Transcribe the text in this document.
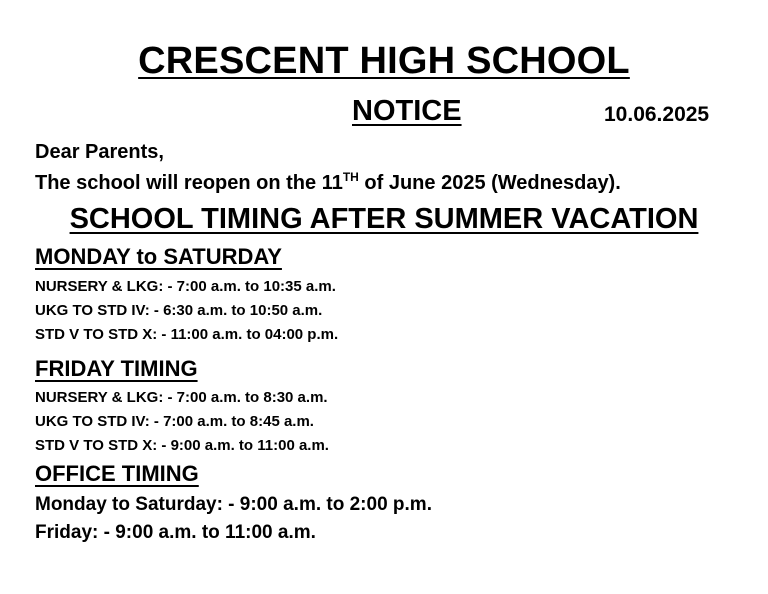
CRESCENT HIGH SCHOOL
NOTICE	10.06.2025
Dear Parents,
The school will reopen on the 11TH of June 2025 (Wednesday).
SCHOOL TIMING AFTER SUMMER VACATION
MONDAY to SATURDAY
NURSERY & LKG: - 7:00 a.m. to 10:35 a.m.
UKG TO STD IV: - 6:30 a.m. to 10:50 a.m.
STD V TO STD X: - 11:00 a.m. to 04:00 p.m.
FRIDAY TIMING
NURSERY & LKG: - 7:00 a.m. to 8:30 a.m.
UKG TO STD IV: - 7:00 a.m. to 8:45 a.m.
STD V TO STD X: - 9:00 a.m. to 11:00 a.m.
OFFICE TIMING
Monday to Saturday: - 9:00 a.m. to 2:00 p.m.
Friday: - 9:00 a.m. to 11:00 a.m.
